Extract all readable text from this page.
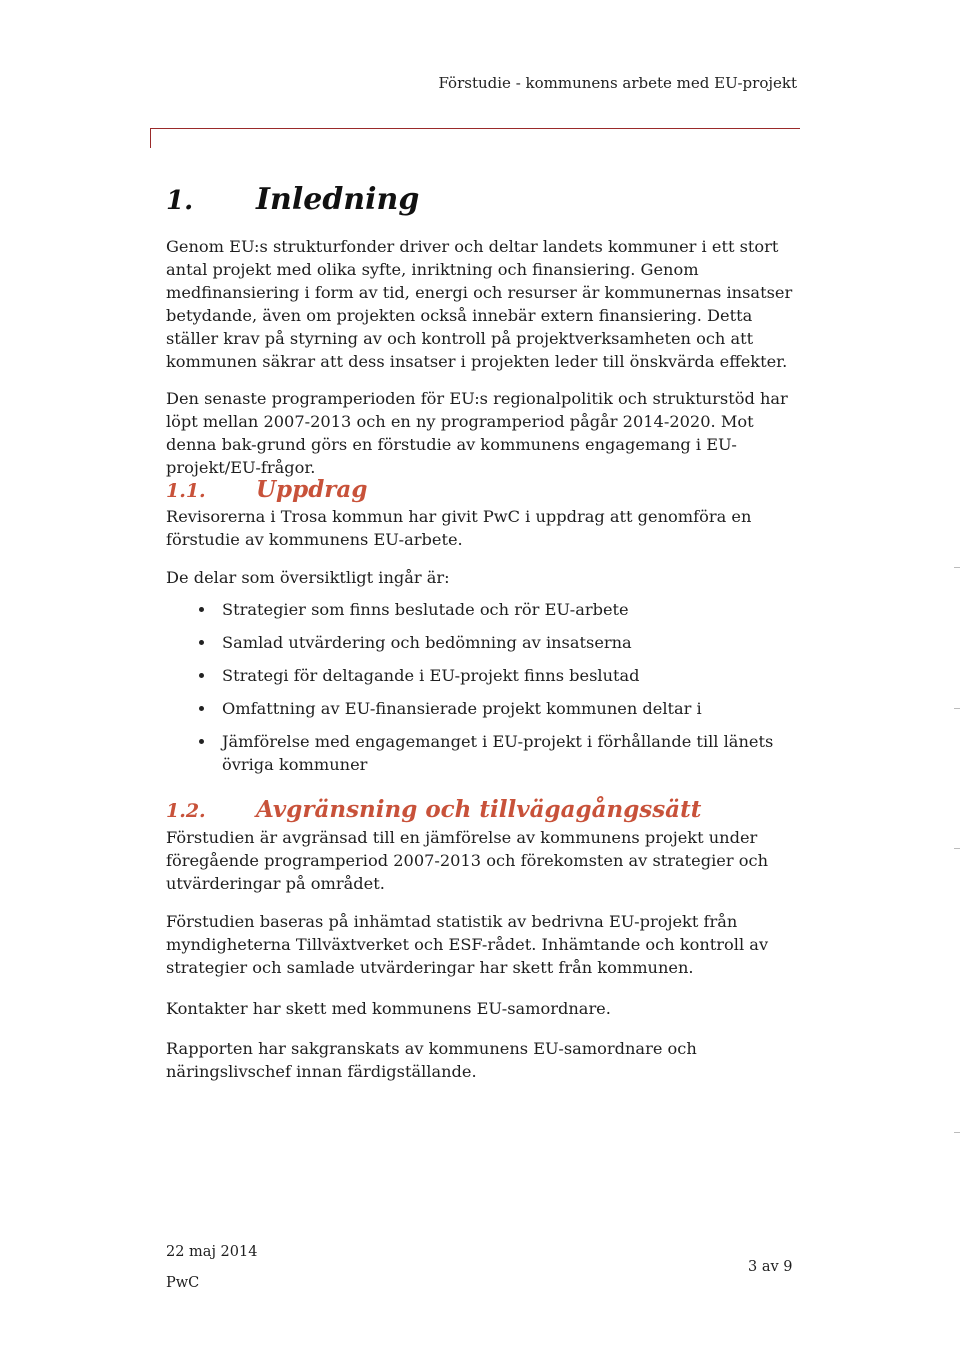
Förstudie - kommunens arbete med EU-projekt
1. Inledning

Genom EU:s strukturfonder driver och deltar landets kommuner i ett stort antal projekt med olika syfte, inriktning och finansiering. Genom medfinansiering i form av tid, energi och resurser är kommunernas insatser betydande, även om projekten också innebär extern finansiering. Detta ställer krav på styrning av och kontroll på projektverksamheten och att kommunen säkrar att dess insatser i projekten leder till önskvärda effekter.

Den senaste programperioden för EU:s regionalpolitik och strukturstöd har löpt mellan 2007-2013 och en ny programperiod pågår 2014-2020. Mot denna bak-grund görs en förstudie av kommunens engagemang i EU-projekt/EU-frågor.

1.1. Uppdrag

Revisorerna i Trosa kommun har givit PwC i uppdrag att genomföra en förstudie av kommunens EU-arbete.

De delar som översiktligt ingår är:

Strategier som finns beslutade och rör EU-arbete
Samlad utvärdering och bedömning av insatserna
Strategi för deltagande i EU-projekt finns beslutad
Omfattning av EU-finansierade projekt kommunen deltar i
Jämförelse med engagemanget i EU-projekt i förhållande till länets övriga kommuner
1.2. Avgränsning och tillvägagångssätt

Förstudien är avgränsad till en jämförelse av kommunens projekt under föregående programperiod 2007-2013 och förekomsten av strategier och utvärderingar på området.

Förstudien baseras på inhämtad statistik av bedrivna EU-projekt från myndigheterna Tillväxtverket och ESF-rådet. Inhämtande och kontroll av strategier och samlade utvärderingar har skett från kommunen.

Kontakter har skett med kommunens EU-samordnare.

Rapporten har sakgranskats av kommunens EU-samordnare och näringslivschef innan färdigställande.

22 maj 2014
PwC
3 av 9
